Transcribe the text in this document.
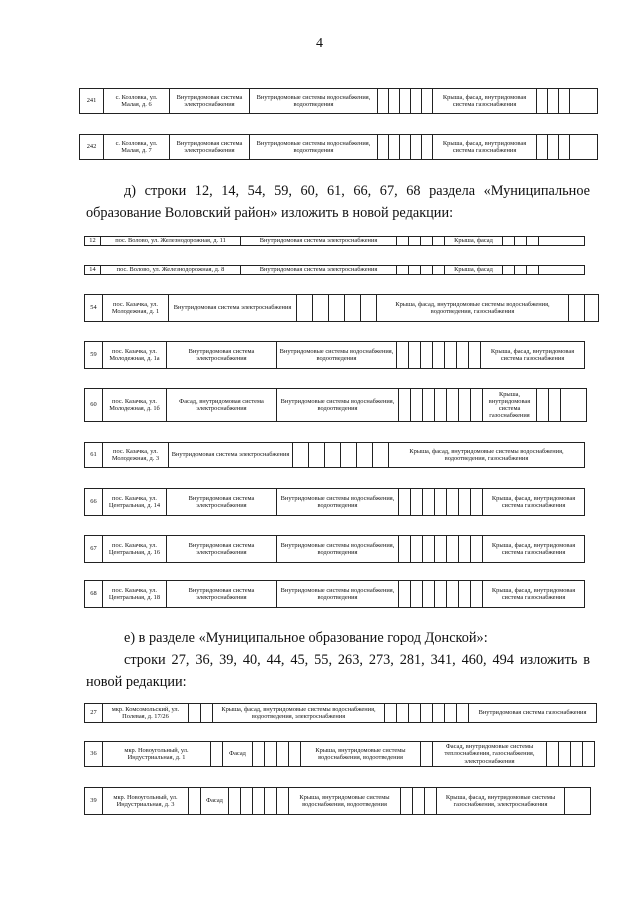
4
241	с. Козловка, ул. Малая, д. 6	Внутридомовая система электроснабжения	Внутридомовые системы водоснабжения, водоотведения						Крыша, фасад, внутридомовая система газоснабжения				
242	с. Козловка, ул. Малая, д. 7	Внутридомовая система электроснабжения	Внутридомовые системы водоснабжения, водоотведения						Крыша, фасад, внутридомовая система газоснабжения				

д) строки 12, 14, 54, 59, 60, 61, 66, 67, 68 раздела «Муниципальное образование Воловский район» изложить в новой редакции:

12	пос. Волово, ул. Железнодорожная, д. 11	Внутридомовая система электроснабжения					Крыша, фасад				
14	пос. Волово, ул. Железнодорожная, д. 8	Внутридомовая система электроснабжения					Крыша, фасад				
54	пос. Казачка, ул. Молодежная, д. 1	Внутридомовая система электроснабжения						Крыша, фасад, внутридомовые системы водоснабжения, водоотведения, газоснабжения		
59	пос. Казачка, ул. Молодежная, д. 1а	Внутридомовая система электроснабжения	Внутридомовые системы водоснабжения, водоотведения								Крыша, фасад, внутридомовая система газоснабжения
60	пос. Казачка, ул. Молодежная, д. 1б	Фасад, внутридомовая система электроснабжения	Внутридомовые системы водоснабжения, водоотведения								Крыша, внутридомовая система газоснабжения			
61	пос. Казачка, ул. Молодежная, д. 3	Внутридомовая система электроснабжения							Крыша, фасад, внутридомовые системы водоснабжения, водоотведения, газоснабжения
66	пос. Казачка, ул. Центральная, д. 14	Внутридомовая система электроснабжения	Внутридомовые системы водоснабжения, водоотведения								Крыша, фасад, внутридомовая система газоснабжения
67	пос. Казачка, ул. Центральная, д. 16	Внутридомовая система электроснабжения	Внутридомовые системы водоснабжения, водоотведения								Крыша, фасад, внутридомовая система газоснабжения
68	пос. Казачка, ул. Центральная, д. 18	Внутридомовая система электроснабжения	Внутридомовые системы водоснабжения, водоотведения								Крыша, фасад, внутридомовая система газоснабжения

е) в разделе «Муниципальное образование город Донской»:

строки 27, 36, 39, 40, 44, 45, 55, 263, 273, 281, 341, 460, 494 изложить в новой редакции:

27	мкр. Комсомольский, ул. Полевая, д. 17/26			Крыша, фасад, внутридомовые системы водоснабжения, водоотведения, электроснабжения								Внутридомовая система газоснабжения
36	мкр. Новоугольный, ул. Индустриальная, д. 1		Фасад					Крыша, внутридомовые системы водоснабжения, водоотведения		Фасад, внутридомовые системы теплоснабжения, газоснабжения, электроснабжения				
39	мкр. Новоугольный, ул. Индустриальная, д. 3		Фасад						Крыша, внутридомовые системы водоснабжения, водоотведения				Крыша, фасад, внутридомовые системы газоснабжения, электроснабжения	
